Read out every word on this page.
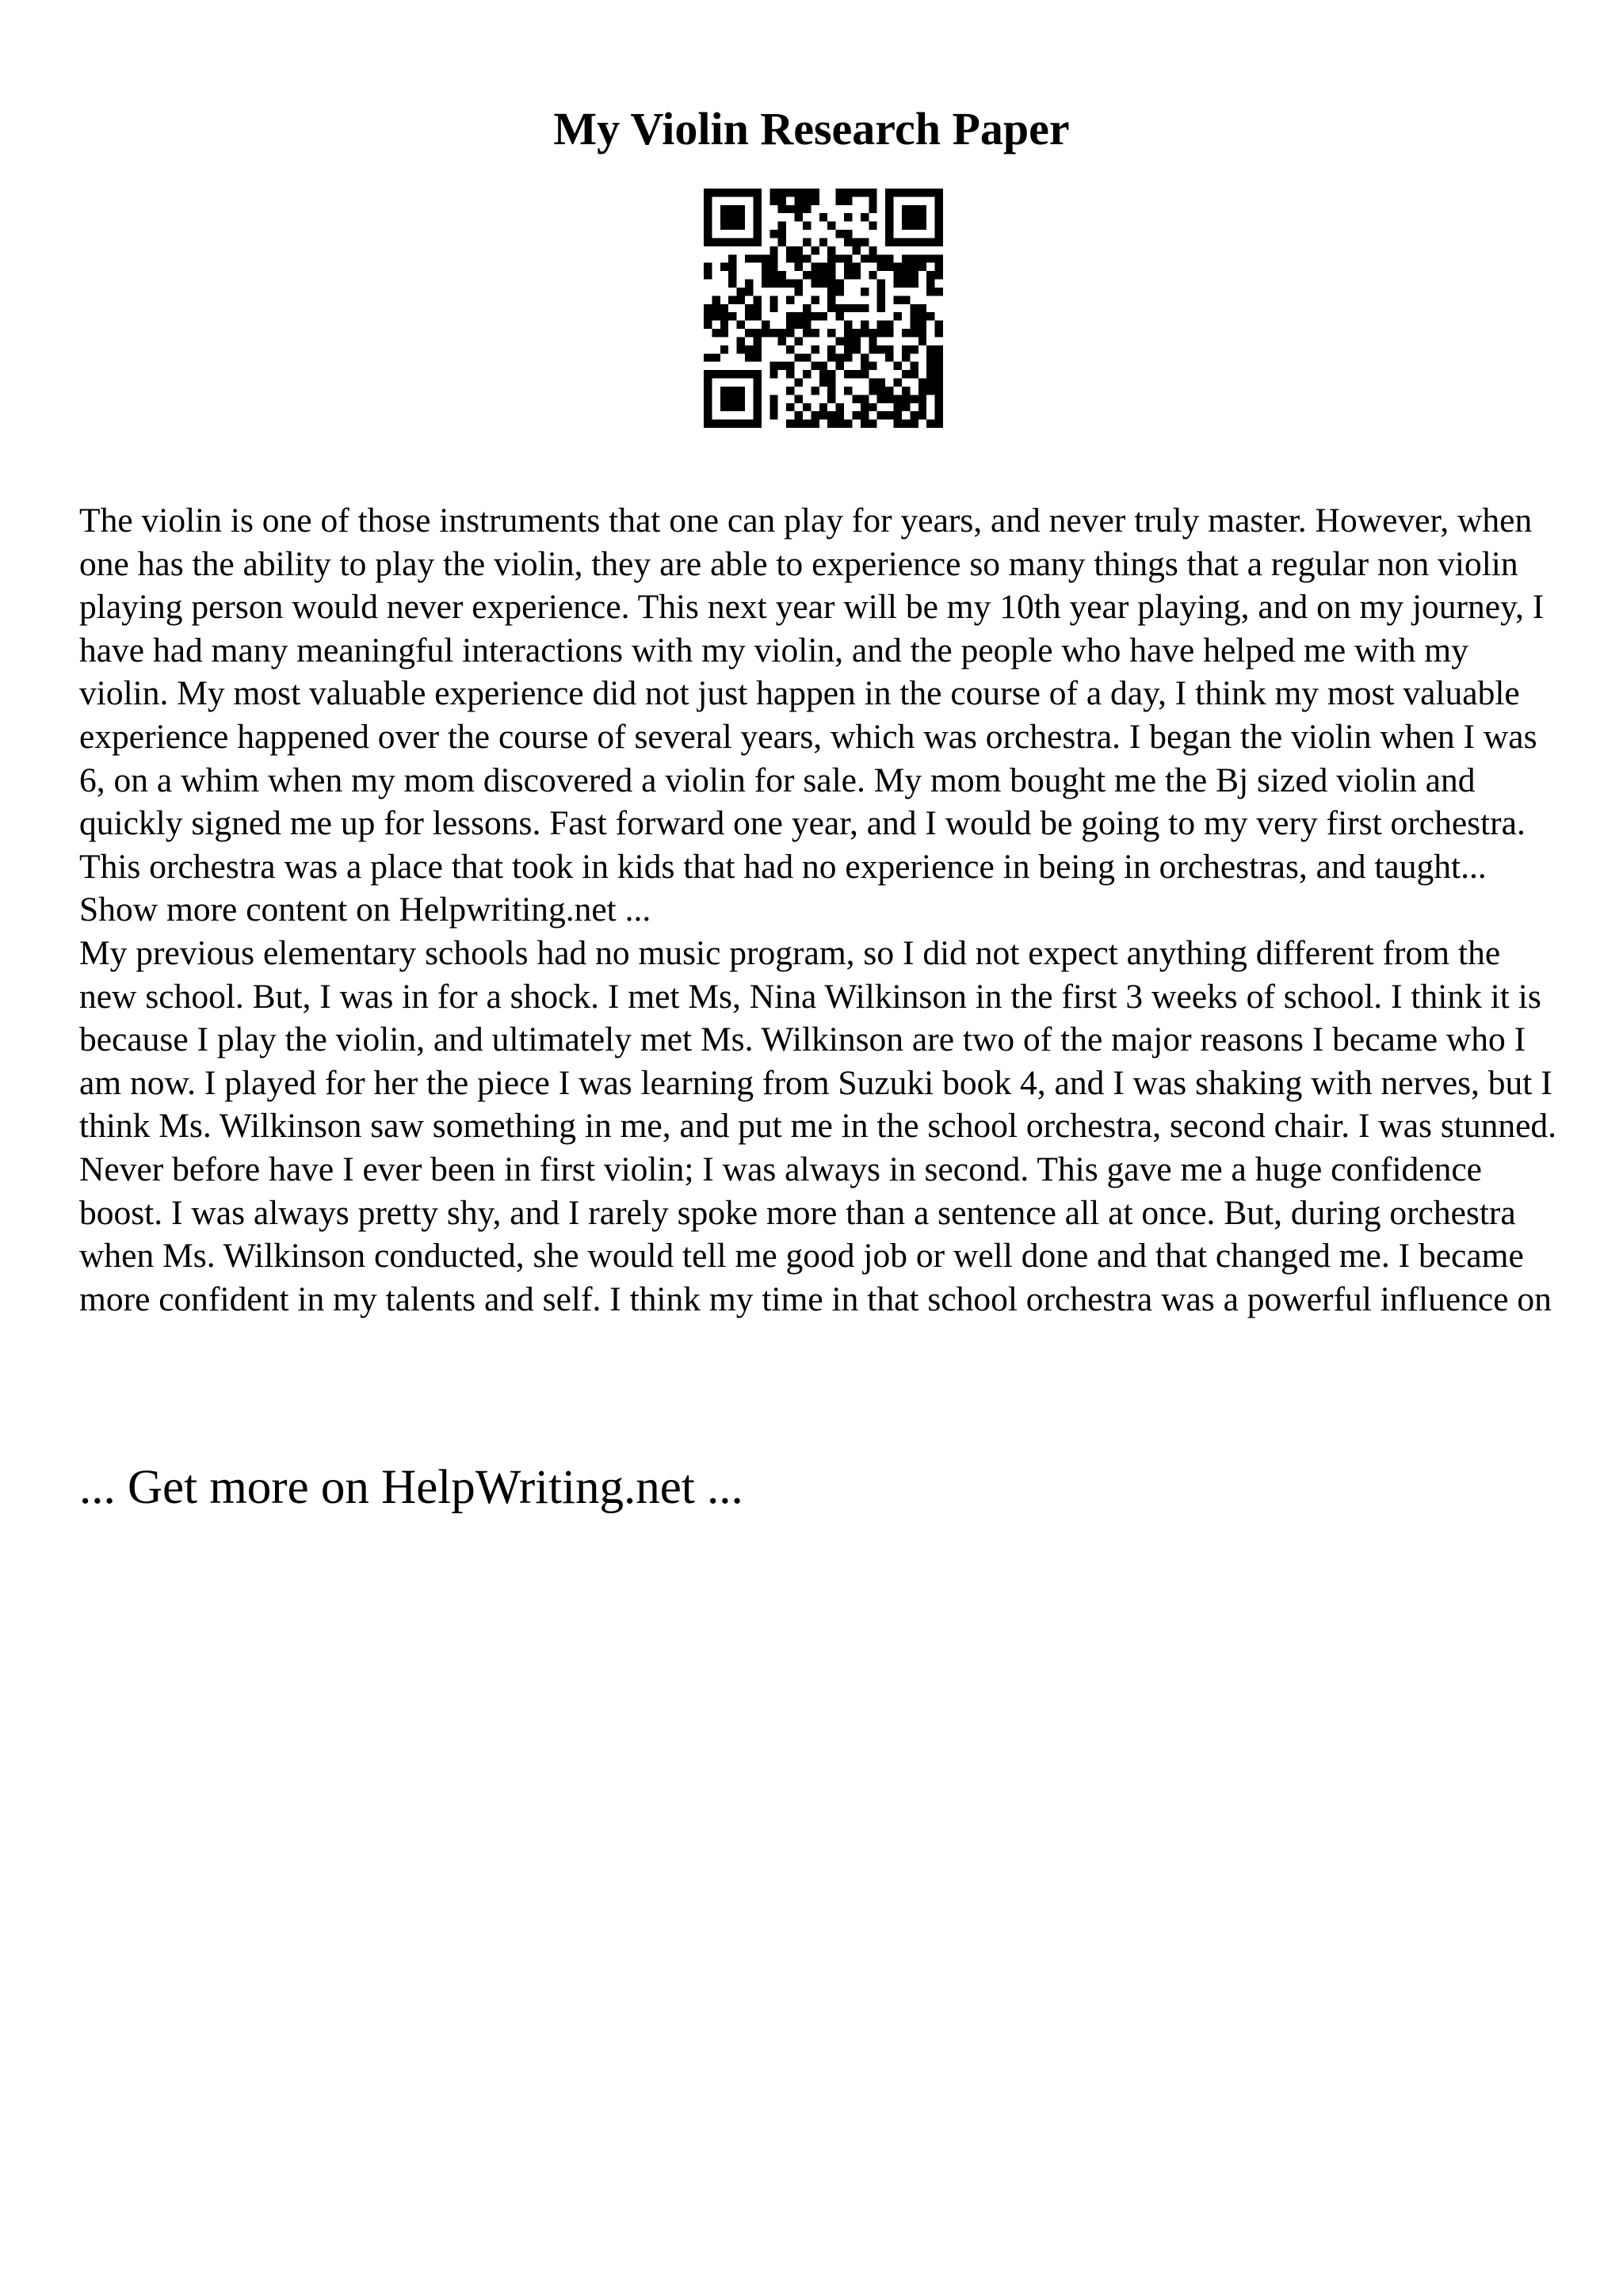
My Violin Research Paper

The violin is one of those instruments that one can play for years, and never truly master. However, when one has the ability to play the violin, they are able to experience so many things that a regular non violin playing person would never experience. This next year will be my 10th year playing, and on my journey, I have had many meaningful interactions with my violin, and the people who have helped me with my violin. My most valuable experience did not just happen in the course of a day, I think my most valuable experience happened over the course of several years, which was orchestra. I began the violin when I was 6, on a whim when my mom discovered a violin for sale. My mom bought me the Bj sized violin and quickly signed me up for lessons. Fast forward one year, and I would be going to my very first orchestra. This orchestra was a place that took in kids that had no experience in being in orchestras, and taught... Show more content on Helpwriting.net ...

My previous elementary schools had no music program, so I did not expect anything different from the new school. But, I was in for a shock. I met Ms, Nina Wilkinson in the first 3 weeks of school. I think it is because I play the violin, and ultimately met Ms. Wilkinson are two of the major reasons I became who I am now. I played for her the piece I was learning from Suzuki book 4, and I was shaking with nerves, but I think Ms. Wilkinson saw something in me, and put me in the school orchestra, second chair. I was stunned. Never before have I ever been in first violin; I was always in second. This gave me a huge confidence boost. I was always pretty shy, and I rarely spoke more than a sentence all at once. But, during orchestra when Ms. Wilkinson conducted, she would tell me good job or well done and that changed me. I became more confident in my talents and self. I think my time in that school orchestra was a powerful influence on

... Get more on HelpWriting.net ...
